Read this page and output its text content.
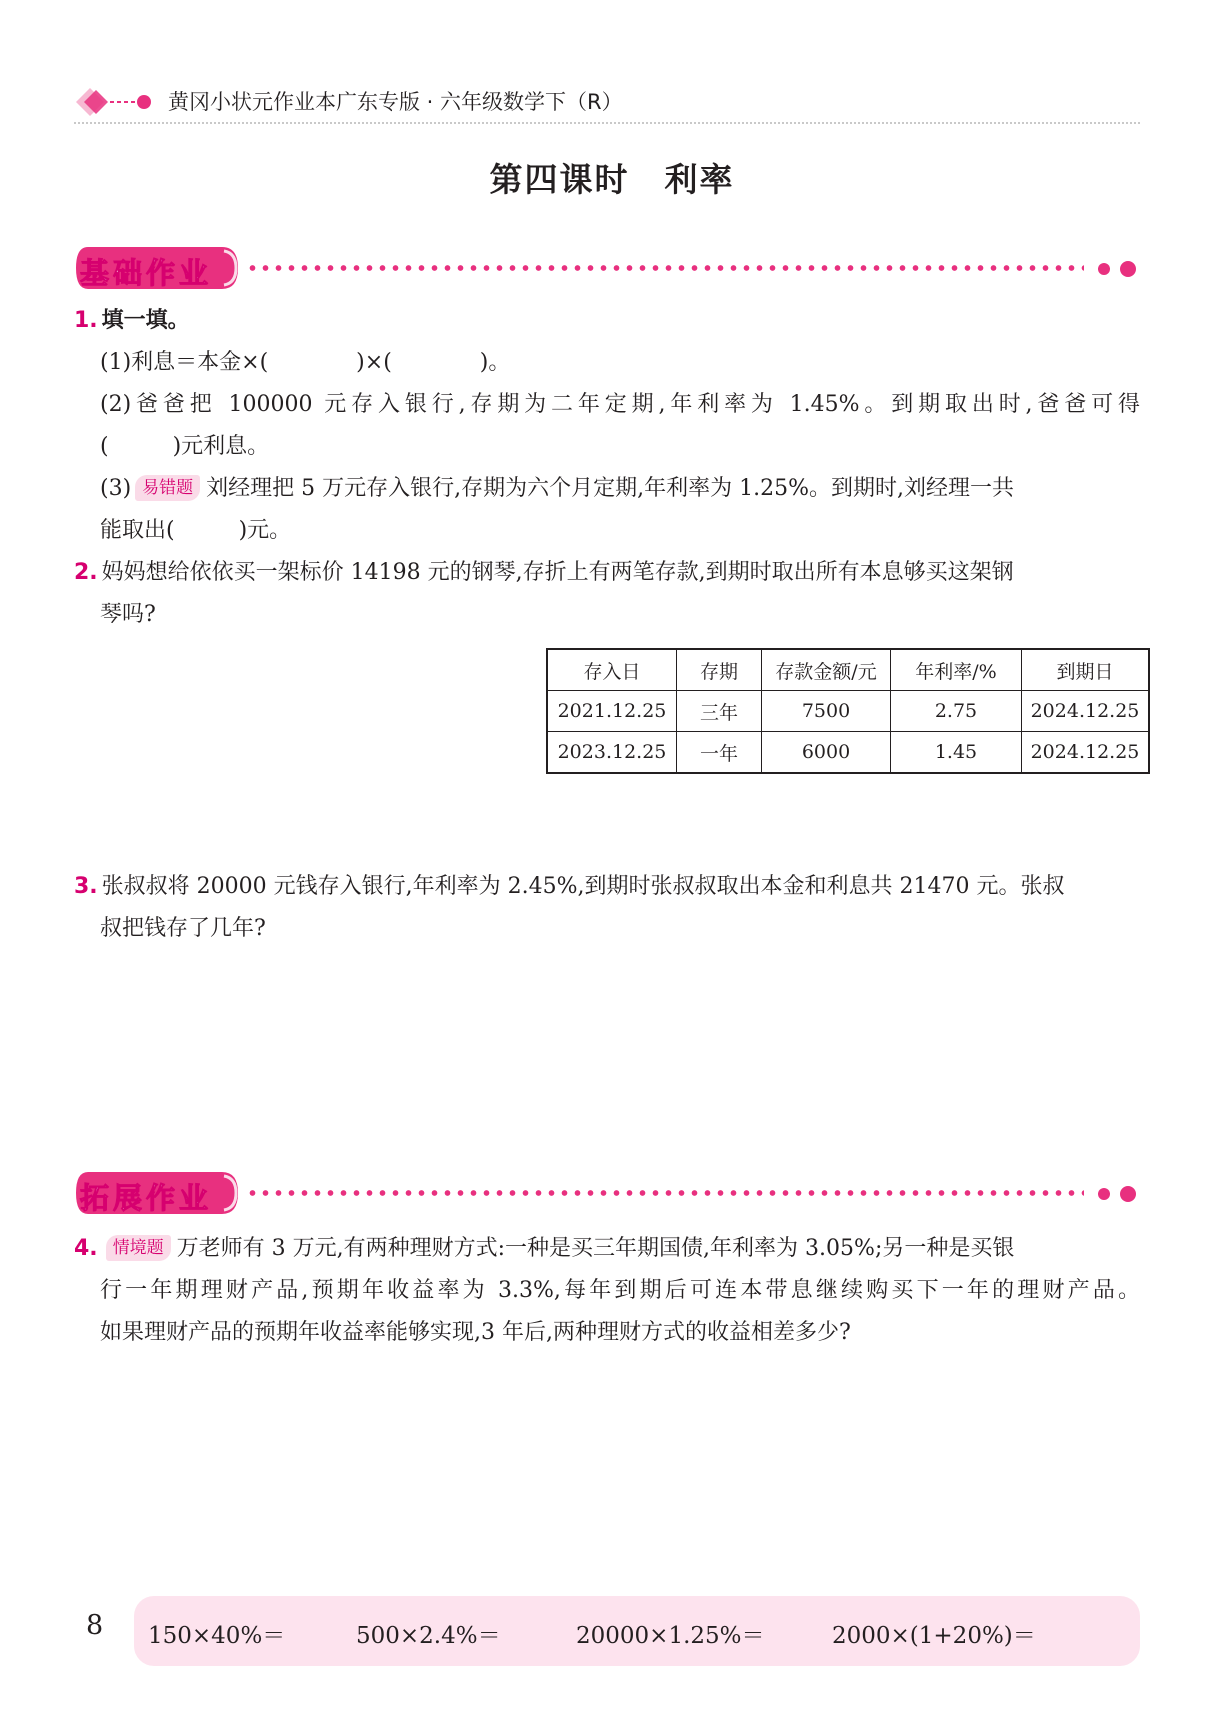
黄冈小状元作业本广东专版 · 六年级数学下（R）
第四课时　利率
基础作业
1. 填一填。
(1)利息＝本金×(　　　　)×(　　　　)。
(2)爸爸把 100000 元存入银行,存期为二年定期,年利率为 1.45%。到期取出时,爸爸可得
(	)元利息。
(3) 易错题 刘经理把 5 万元存入银行,存期为六个月定期,年利率为 1.25%。到期时,刘经理一共
能取出(	)元。
2. 妈妈想给依依买一架标价 14198 元的钢琴,存折上有两笔存款,到期时取出所有本息够买这架钢
琴吗?
存入日	存期	存款金额/元	年利率/%	到期日
2021.12.25	三年	7500	2.75	2024.12.25
2023.12.25	一年	6000	1.45	2024.12.25
3. 张叔叔将 20000 元钱存入银行,年利率为 2.45%,到期时张叔叔取出本金和利息共 21470 元。张叔
叔把钱存了几年?
拓展作业
4. 情境题 万老师有 3 万元,有两种理财方式:一种是买三年期国债,年利率为 3.05%;另一种是买银
行一年期理财产品,预期年收益率为 3.3%,每年到期后可连本带息继续购买下一年的理财产品。
如果理财产品的预期年收益率能够实现,3 年后,两种理财方式的收益相差多少?
8 150×40%＝	500×2.4%＝	20000×1.25%＝	2000×(1+20%)＝
